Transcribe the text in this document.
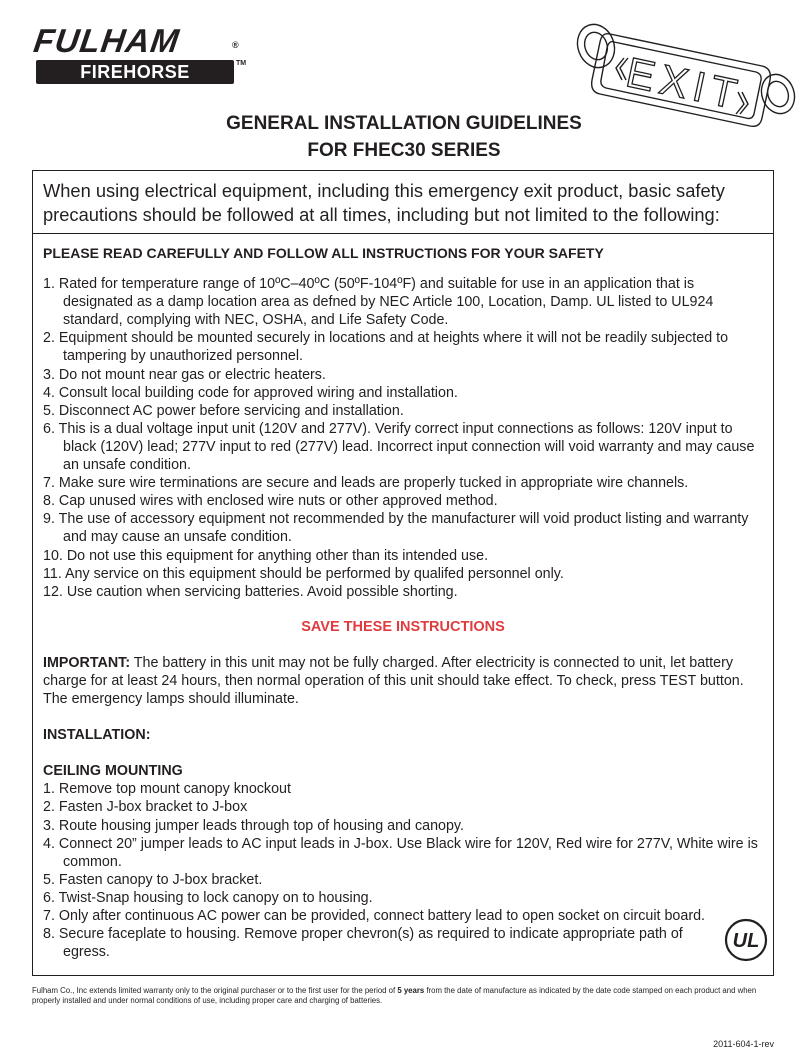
FULHAM	®
FIREHORSE	TM	EXIT
GENERAL INSTALLATION GUIDELINES
FOR FHEC30 SERIES
When using electrical equipment, including this emergency exit product, basic safety precautions should be followed at all times, including but not limited to the following:
PLEASE READ CAREFULLY AND FOLLOW ALL INSTRUCTIONS FOR YOUR SAFETY
1. Rated for temperature range of 10ºC–40ºC (50ºF-104ºF) and suitable for use in an application that is designated as a damp location area as defned by NEC Article 100, Location, Damp. UL listed to UL924 standard, complying with NEC, OSHA, and Life Safety Code.
2. Equipment should be mounted securely in locations and at heights where it will not be readily subjected to tampering by unauthorized personnel.
3. Do not mount near gas or electric heaters.
4. Consult local building code for approved wiring and installation.
5. Disconnect AC power before servicing and installation.
6. This is a dual voltage input unit (120V and 277V). Verify correct input connections as follows: 120V input to black (120V) lead; 277V input to red (277V) lead. Incorrect input connection will void warranty and may cause an unsafe condition.
7. Make sure wire terminations are secure and leads are properly tucked in appropriate wire channels.
8. Cap unused wires with enclosed wire nuts or other approved method.
9. The use of accessory equipment not recommended by the manufacturer will void product listing and warranty and may cause an unsafe condition.
10. Do not use this equipment for anything other than its intended use.
11. Any service on this equipment should be performed by qualifed personnel only.
12. Use caution when servicing batteries. Avoid possible shorting.
SAVE THESE INSTRUCTIONS
IMPORTANT: The battery in this unit may not be fully charged. After electricity is connected to unit, let battery charge for at least 24 hours, then normal operation of this unit should take effect. To check, press TEST button. The emergency lamps should illuminate.
INSTALLATION:
CEILING MOUNTING
1. Remove top mount canopy knockout
2. Fasten J-box bracket to J-box
3. Route housing jumper leads through top of housing and canopy.
4. Connect 20” jumper leads to AC input leads in J-box. Use Black wire for 120V, Red wire for 277V, White wire is common.
5. Fasten canopy to J-box bracket.
6. Twist-Snap housing to lock canopy on to housing.
7. Only after continuous AC power can be provided, connect battery lead to open socket on circuit board.
8. Secure faceplate to housing. Remove proper chevron(s) as required to indicate appropriate path of egress.
UL
Fulham Co., Inc extends limited warranty only to the original purchaser or to the first user for the period of 5 years from the date of manufacture as indicated by the date code stamped on each product and when properly installed and under normal conditions of use, including proper care and charging of batteries.
2011-604-1-rev
